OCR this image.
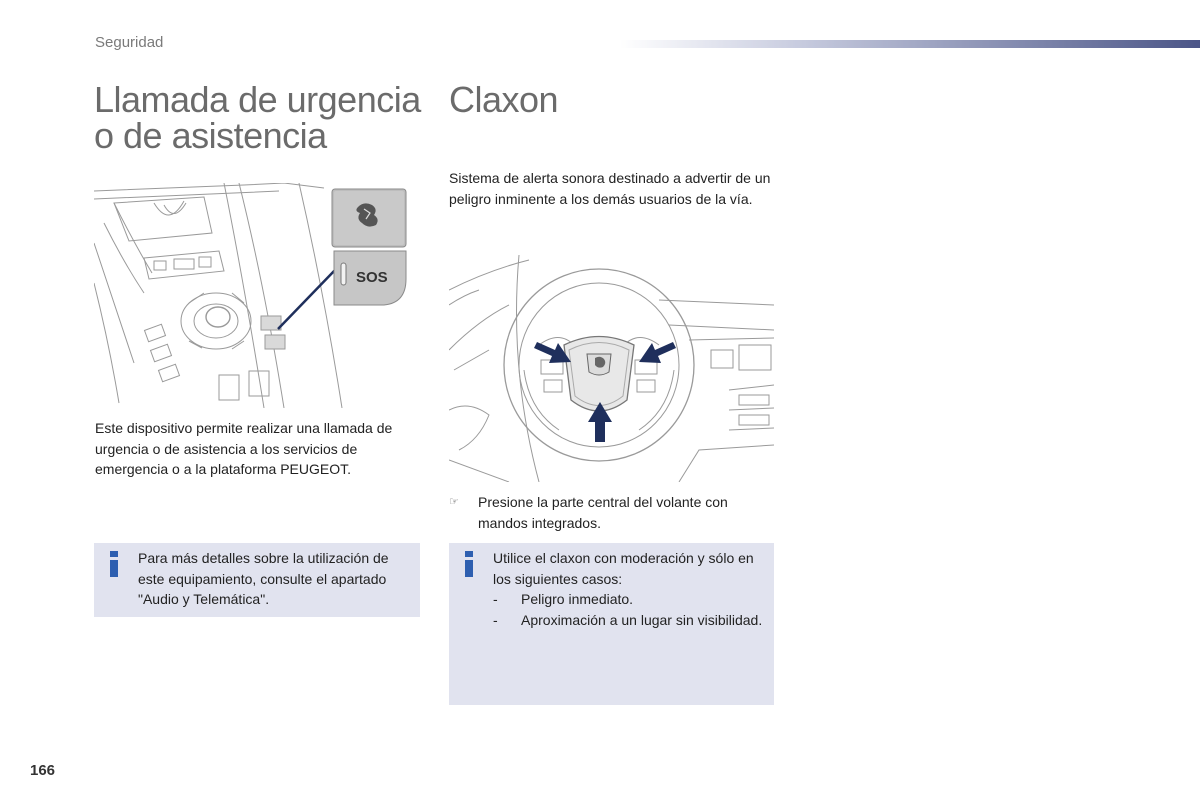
Seguridad
Llamada de urgencia o de asistencia
SOS
Este dispositivo permite realizar una llamada de urgencia o de asistencia a los servicios de emergencia o a la plataforma PEUGEOT.
Para más detalles sobre la utilización de este equipamiento, consulte el apartado "Audio y Telemática".
Claxon
Sistema de alerta sonora destinado a advertir de un peligro inminente a los demás usuarios de la vía.
☞ Presione la parte central del volante con mandos integrados.
Utilice el claxon con moderación y sólo en los siguientes casos:
- Peligro inmediato.
- Aproximación a un lugar sin visibilidad.
166
